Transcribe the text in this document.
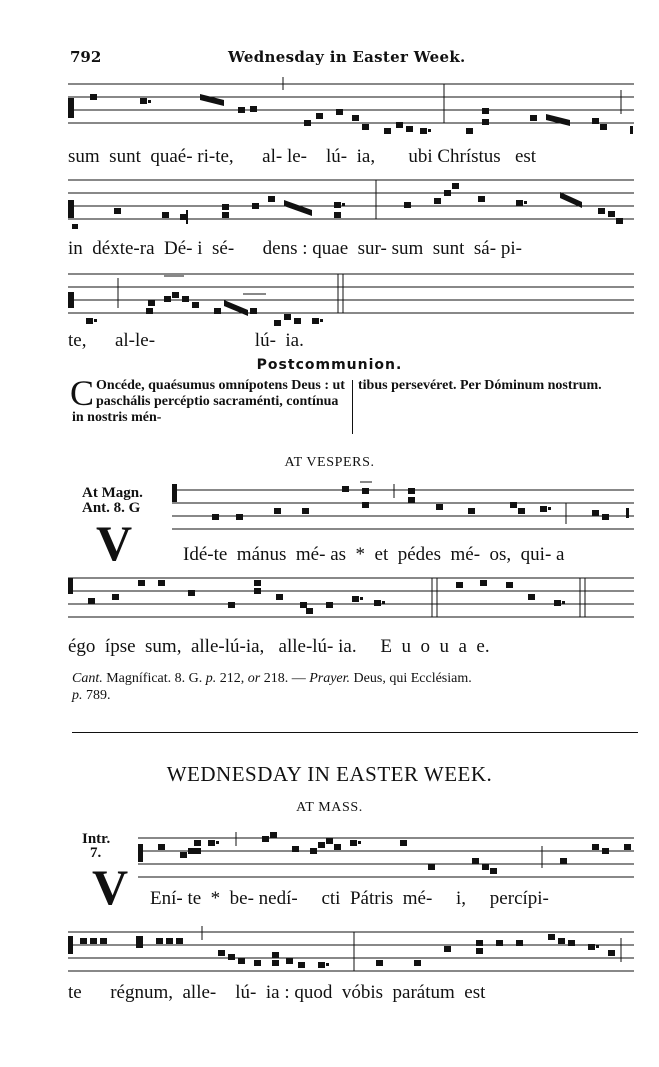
792	Wednesday in Easter Week.
sum  sunt  quaé- ri-te,      al- le-    lú-  ia,       ubi Chrístus   est
in  déxte-ra  Dé- i  sé-      dens : quae  sur- sum  sunt  sá- pi-
te,      al-le-                     lú-  ia.
Postcommunion.
C Oncéde, quaésumus omnípotens Deus : ut paschális percéptio sacraménti, contínua in nostris mén-
tibus persevéret. Per Dóminum nostrum.
AT VESPERS.
At Magn.
Ant. 8. G
V	Idé-te  mánus  mé- as  *  et  pédes  mé-  os,  qui- a
égo  ípse  sum,  alle-lú-ia,   alle-lú- ia.     E  u  o  u  a  e.
Cant. Magníficat. 8. G. p. 212, or 218. — Prayer. Deus, qui Ecclésiam.
p. 789.
WEDNESDAY IN EASTER WEEK.
AT MASS.
Intr.
7.
V Ení- te  *  be- nedí-     cti  Pátris  mé-     i,     percípi-
te      régnum,  alle-    lú-  ia : quod  vóbis  parátum  est
